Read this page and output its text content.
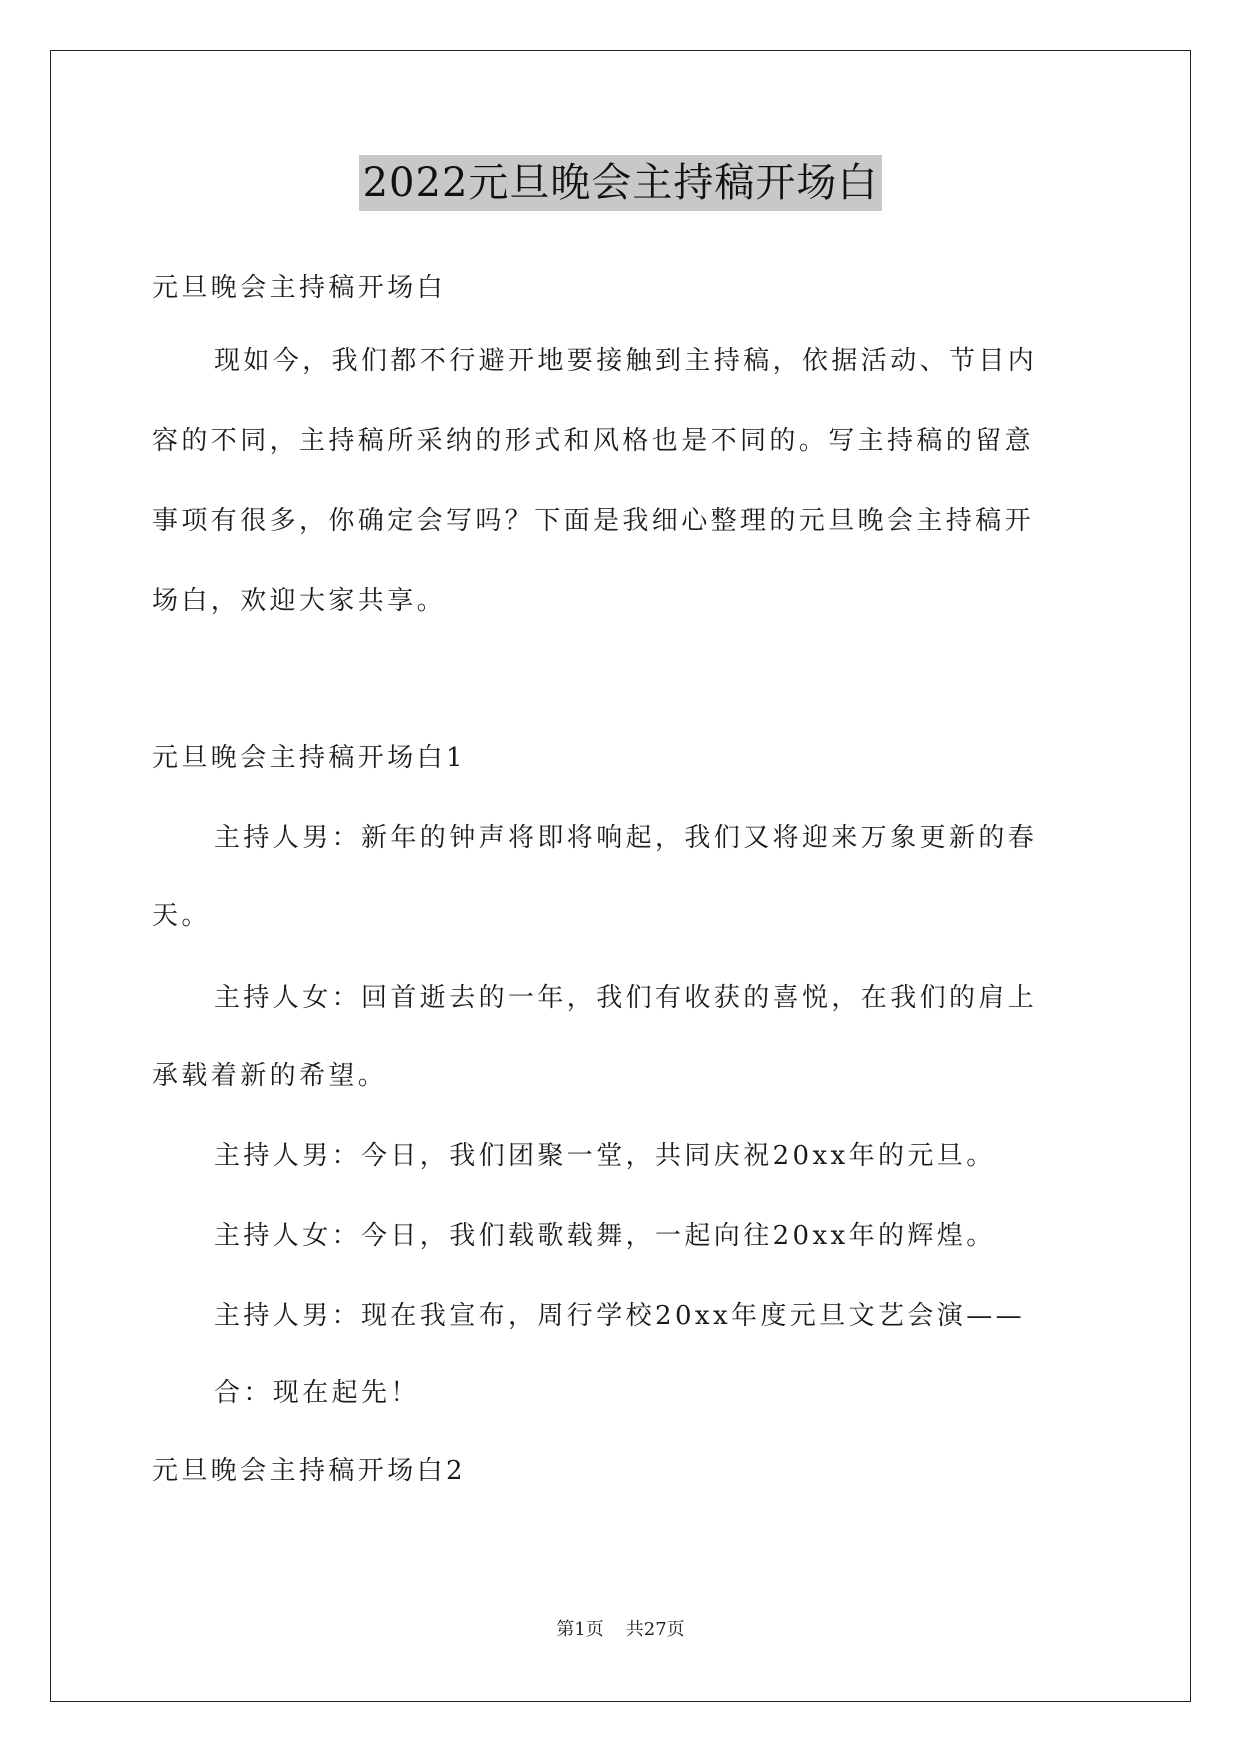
2022元旦晚会主持稿开场白
元旦晚会主持稿开场白
现如今，我们都不行避开地要接触到主持稿，依据活动、节目内
容的不同，主持稿所采纳的形式和风格也是不同的。写主持稿的留意
事项有很多，你确定会写吗？下面是我细心整理的元旦晚会主持稿开
场白，欢迎大家共享。
元旦晚会主持稿开场白1
主持人男：新年的钟声将即将响起，我们又将迎来万象更新的春
天。
主持人女：回首逝去的一年，我们有收获的喜悦，在我们的肩上
承载着新的希望。
主持人男：今日，我们团聚一堂，共同庆祝20xx年的元旦。
主持人女：今日，我们载歌载舞，一起向往20xx年的辉煌。
主持人男：现在我宣布，周行学校20xx年度元旦文艺会演——
合：现在起先！
元旦晚会主持稿开场白2
第1页 共27页
